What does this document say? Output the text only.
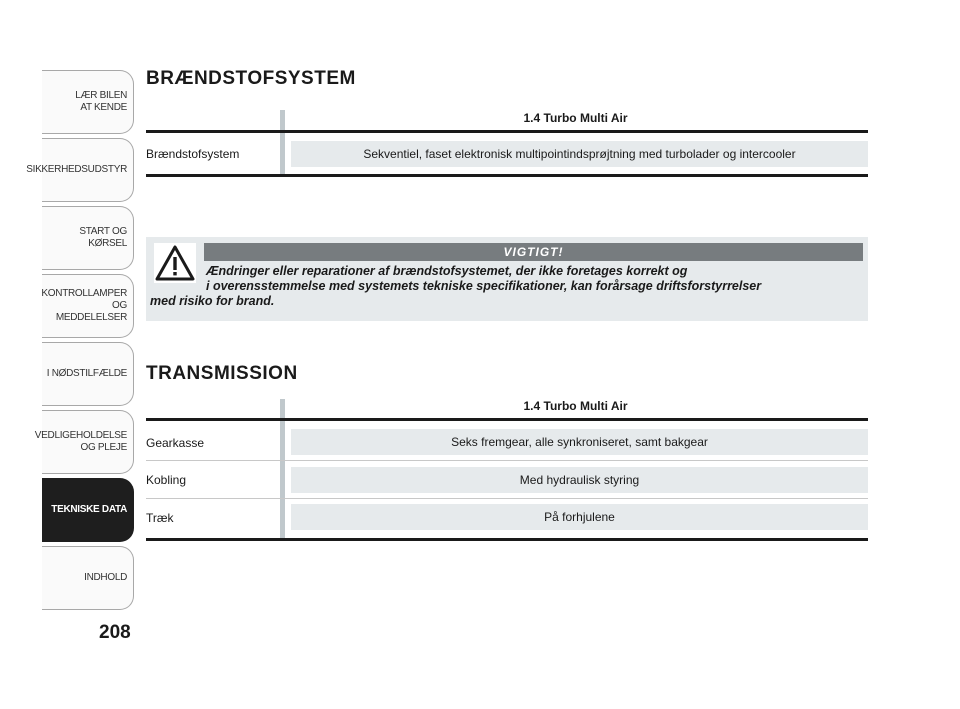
LÆR BILEN
AT KENDE
SIKKERHEDSUDSTYR
START OG KØRSEL
KONTROLLAMPER
OG MEDDELELSER
I NØDSTILFÆLDE
VEDLIGEHOLDELSE
OG PLEJE
TEKNISKE DATA
INDHOLD
208
BRÆNDSTOFSYSTEM
1.4 Turbo Multi Air
Brændstofsystem	Sekventiel, faset elektronisk multipointindsprøjtning med turbolader og intercooler
VIGTIGT!
Ændringer eller reparationer af brændstofsystemet, der ikke foretages korrekt og
i overensstemmelse med systemets tekniske specifikationer, kan forårsage driftsforstyrrelser
med risiko for brand.
TRANSMISSION
1.4 Turbo Multi Air
Gearkasse	Seks fremgear, alle synkroniseret, samt bakgear
Kobling	Med hydraulisk styring
Træk	På forhjulene
